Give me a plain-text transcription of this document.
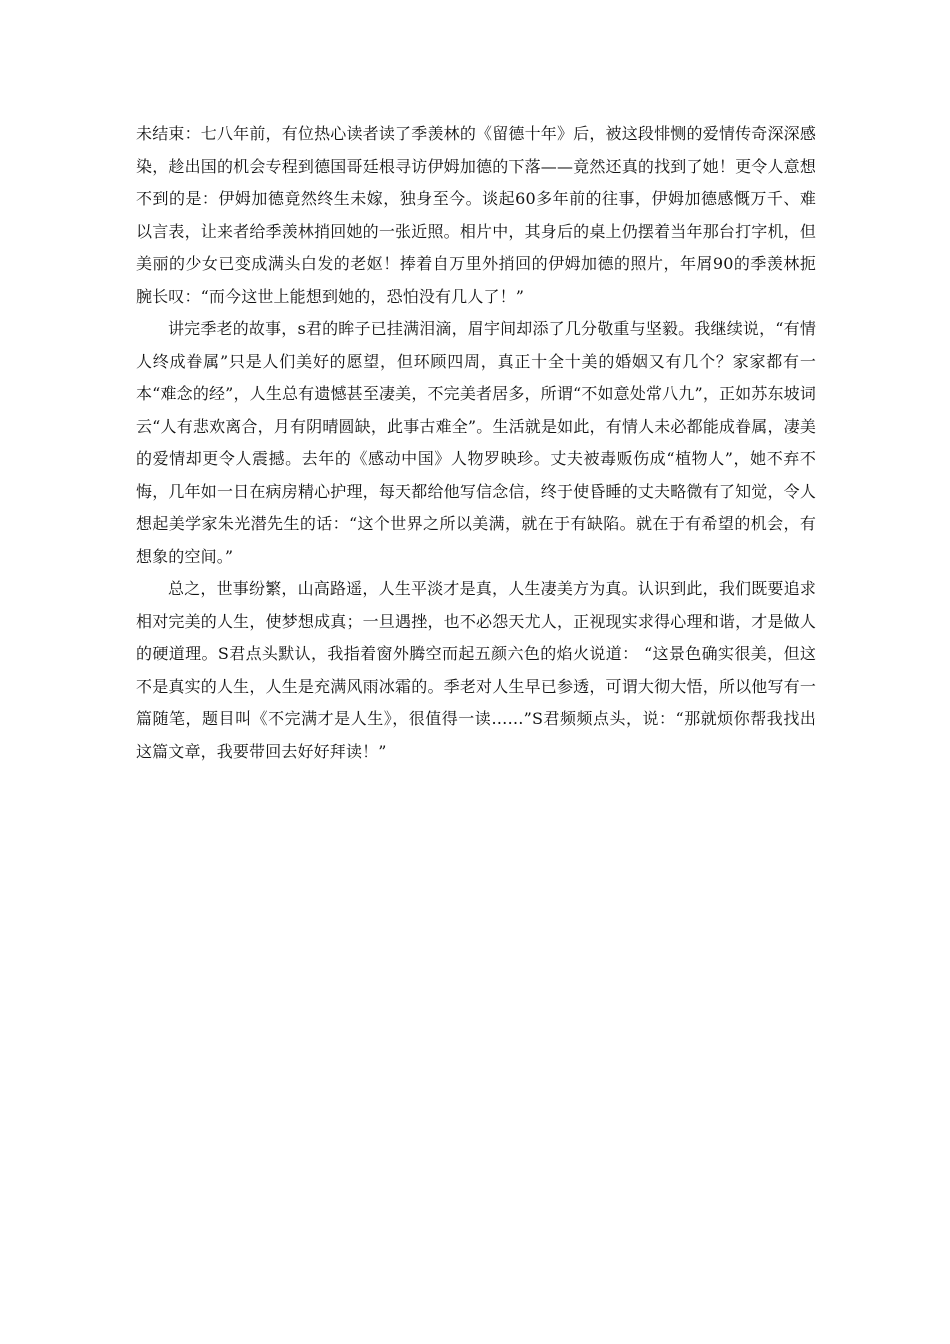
未结束：七八年前，有位热心读者读了季羡林的《留德十年》后，被这段悱恻的爱情传奇深深感染，趁出国的机会专程到德国哥廷根寻访伊姆加德的下落——竟然还真的找到了她！更令人意想不到的是：伊姆加德竟然终生未嫁，独身至今。谈起60多年前的往事，伊姆加德感慨万千、难以言表，让来者给季羡林捎回她的一张近照。相片中，其身后的桌上仍摆着当年那台打字机，但美丽的少女已变成满头白发的老妪！捧着自万里外捎回的伊姆加德的照片，年屑90的季羡林扼腕长叹：“而今这世上能想到她的，恐怕没有几人了！”

讲完季老的故事，s君的眸子已挂满泪滴，眉宇间却添了几分敬重与坚毅。我继续说，“有情人终成眷属”只是人们美好的愿望，但环顾四周，真正十全十美的婚姻又有几个？家家都有一本“难念的经”，人生总有遗憾甚至凄美，不完美者居多，所谓“不如意处常八九”，正如苏东坡词云“人有悲欢离合，月有阴晴圆缺，此事古难全”。生活就是如此，有情人未必都能成眷属，凄美的爱情却更令人震撼。去年的《感动中国》人物罗映珍。丈夫被毒贩伤成“植物人”，她不弃不悔，几年如一日在病房精心护理，每天都给他写信念信，终于使昏睡的丈夫略微有了知觉，令人想起美学家朱光潜先生的话：“这个世界之所以美满，就在于有缺陷。就在于有希望的机会，有想象的空间。”

总之，世事纷繁，山高路遥，人生平淡才是真，人生凄美方为真。认识到此，我们既要追求相对完美的人生，使梦想成真；一旦遇挫，也不必怨天尤人，正视现实求得心理和谐，才是做人的硬道理。S君点头默认，我指着窗外腾空而起五颜六色的焰火说道： “这景色确实很美，但这不是真实的人生，人生是充满风雨冰霜的。季老对人生早已参透，可谓大彻大悟，所以他写有一篇随笔，题目叫《不完满才是人生》，很值得一读……”S君频频点头，说：“那就烦你帮我找出这篇文章，我要带回去好好拜读！”
